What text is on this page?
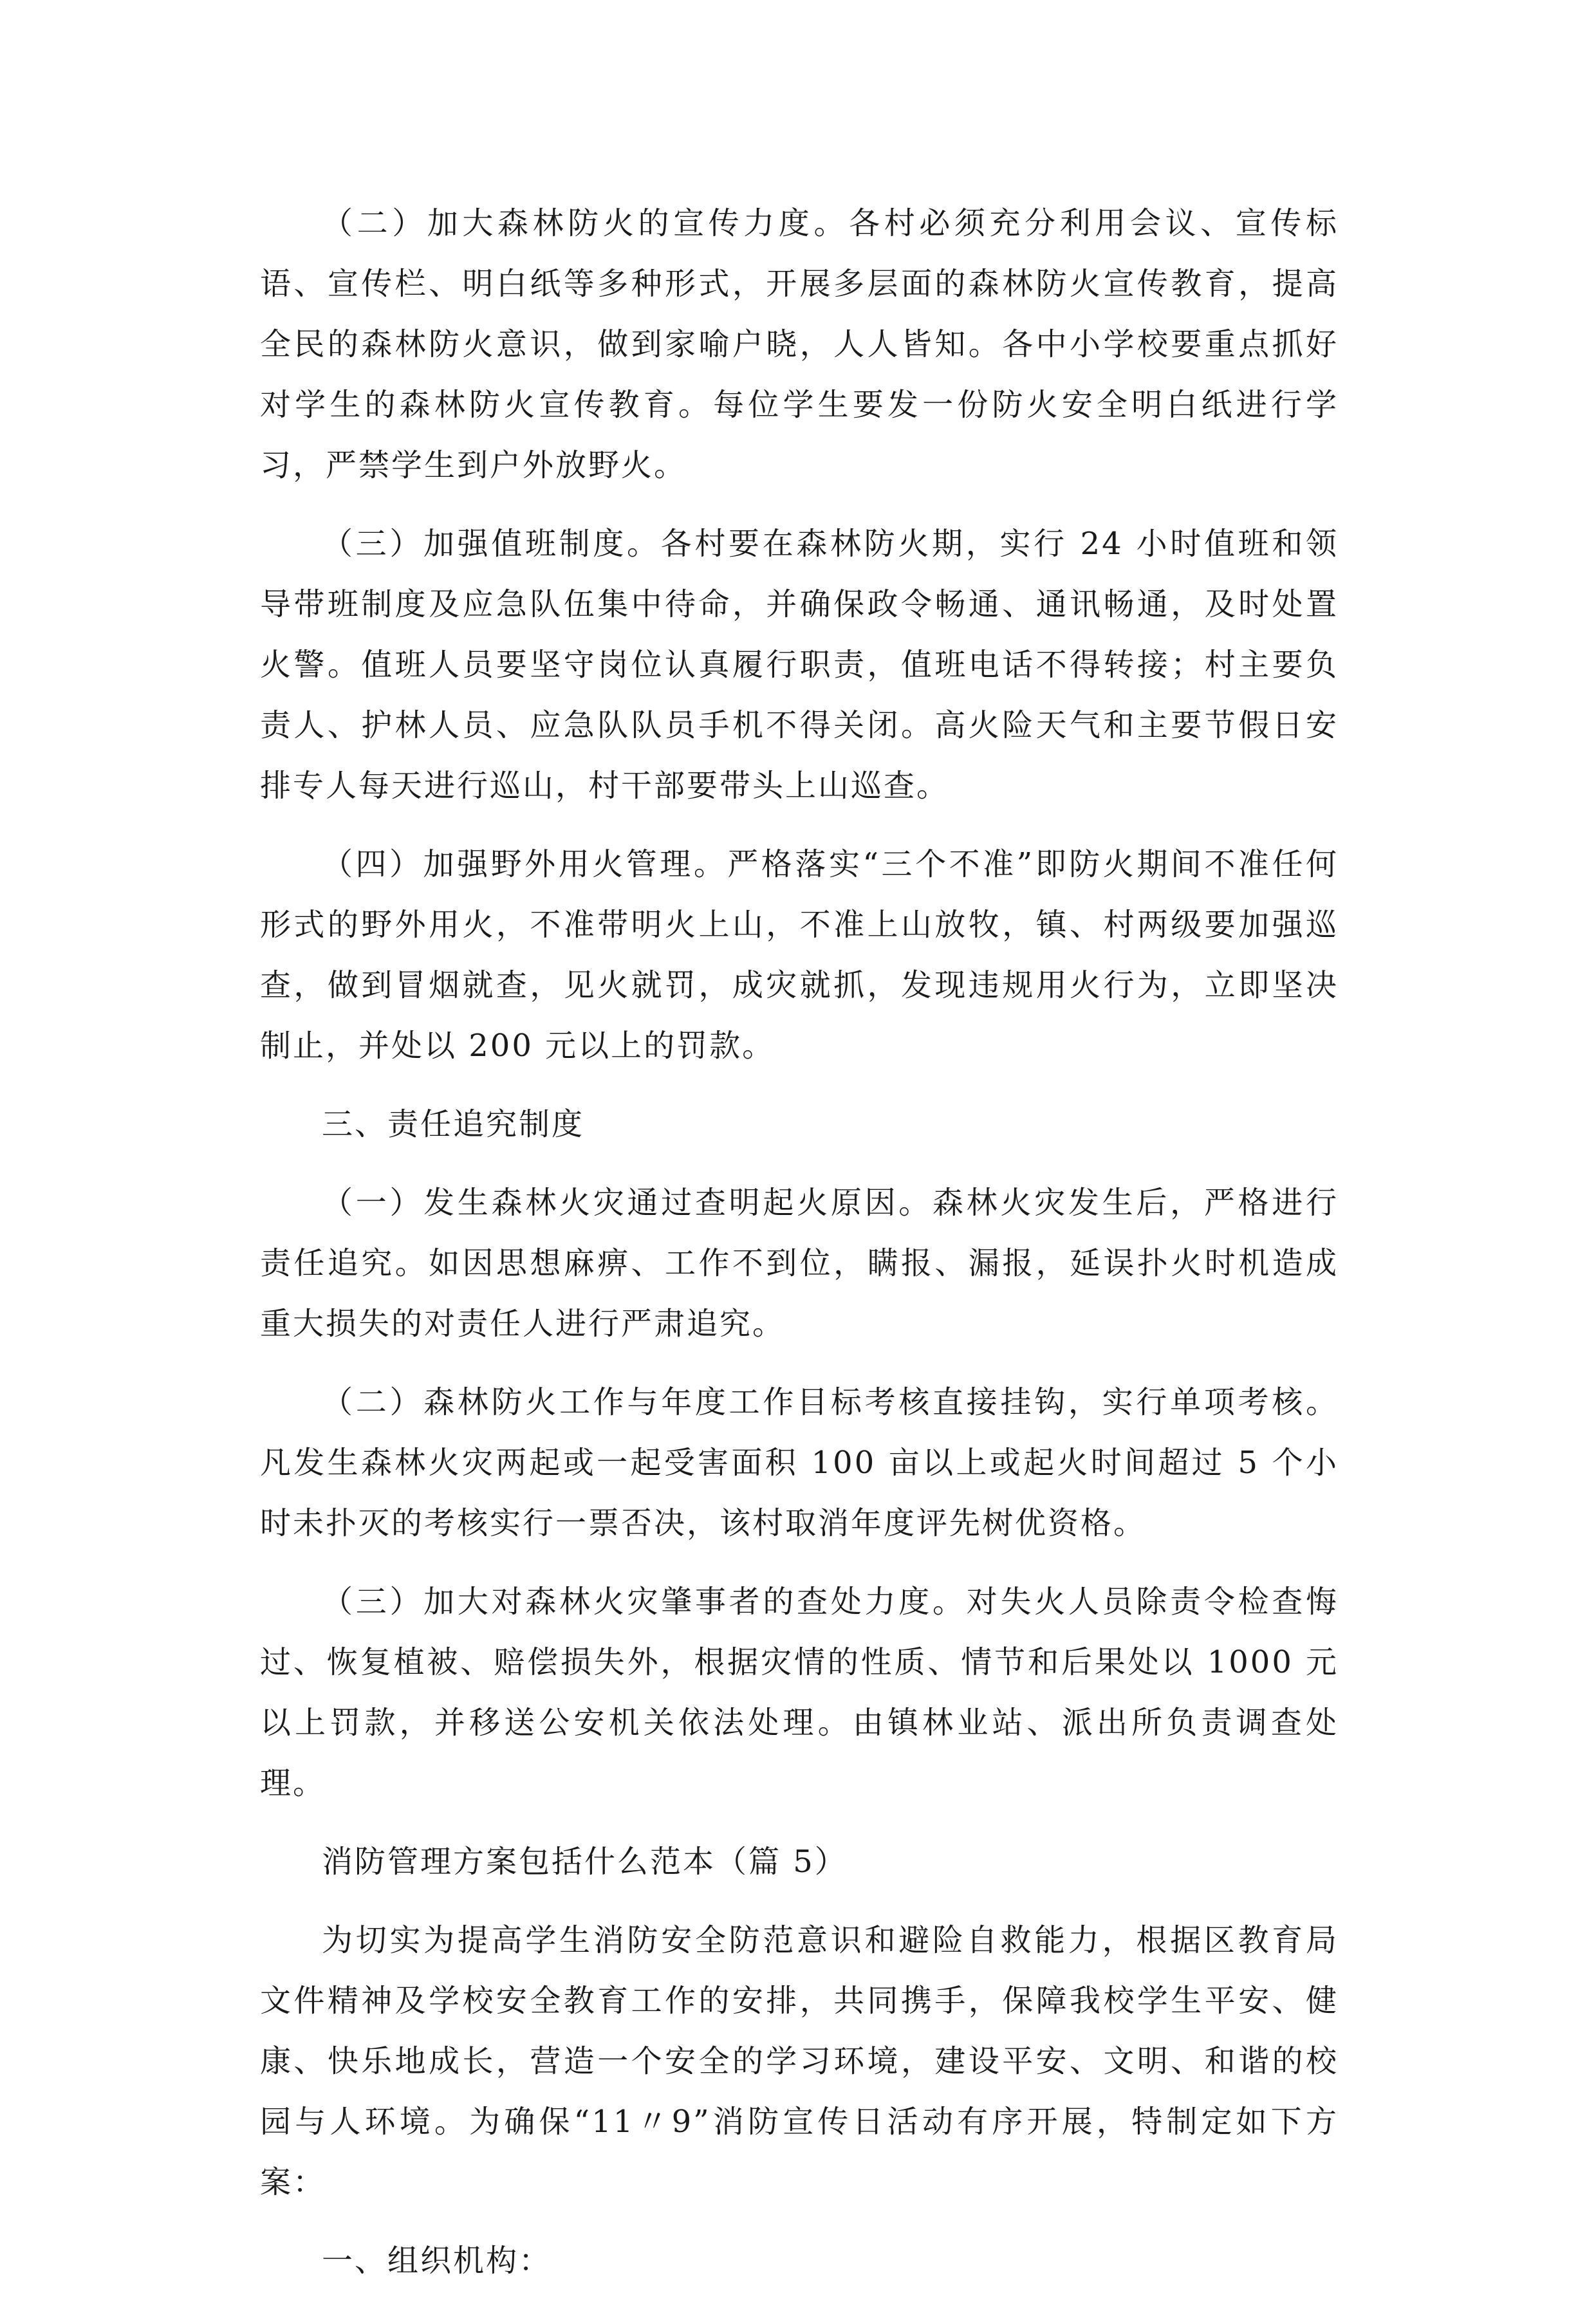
（二）加大森林防火的宣传力度。各村必须充分利用会议、宣传标语、宣传栏、明白纸等多种形式，开展多层面的森林防火宣传教育，提高全民的森林防火意识，做到家喻户晓，人人皆知。各中小学校要重点抓好对学生的森林防火宣传教育。每位学生要发一份防火安全明白纸进行学习，严禁学生到户外放野火。

（三）加强值班制度。各村要在森林防火期，实行 24 小时值班和领导带班制度及应急队伍集中待命，并确保政令畅通、通讯畅通，及时处置火警。值班人员要坚守岗位认真履行职责，值班电话不得转接；村主要负责人、护林人员、应急队队员手机不得关闭。高火险天气和主要节假日安排专人每天进行巡山，村干部要带头上山巡查。

（四）加强野外用火管理。严格落实“三个不准”即防火期间不准任何形式的野外用火，不准带明火上山，不准上山放牧，镇、村两级要加强巡查，做到冒烟就查，见火就罚，成灾就抓，发现违规用火行为，立即坚决制止，并处以 200 元以上的罚款。

三、责任追究制度

（一）发生森林火灾通过查明起火原因。森林火灾发生后，严格进行责任追究。如因思想麻痹、工作不到位，瞒报、漏报，延误扑火时机造成重大损失的对责任人进行严肃追究。

（二）森林防火工作与年度工作目标考核直接挂钩，实行单项考核。凡发生森林火灾两起或一起受害面积 100 亩以上或起火时间超过 5 个小时未扑灭的考核实行一票否决，该村取消年度评先树优资格。

（三）加大对森林火灾肇事者的查处力度。对失火人员除责令检查悔过、恢复植被、赔偿损失外，根据灾情的性质、情节和后果处以 1000 元以上罚款，并移送公安机关依法处理。由镇林业站、派出所负责调查处理。

消防管理方案包括什么范本（篇 5）

为切实为提高学生消防安全防范意识和避险自救能力，根据区教育局文件精神及学校安全教育工作的安排，共同携手，保障我校学生平安、健康、快乐地成长，营造一个安全的学习环境，建设平安、文明、和谐的校园与人环境。为确保“11〃9”消防宣传日活动有序开展，特制定如下方案：

一、组织机构：
